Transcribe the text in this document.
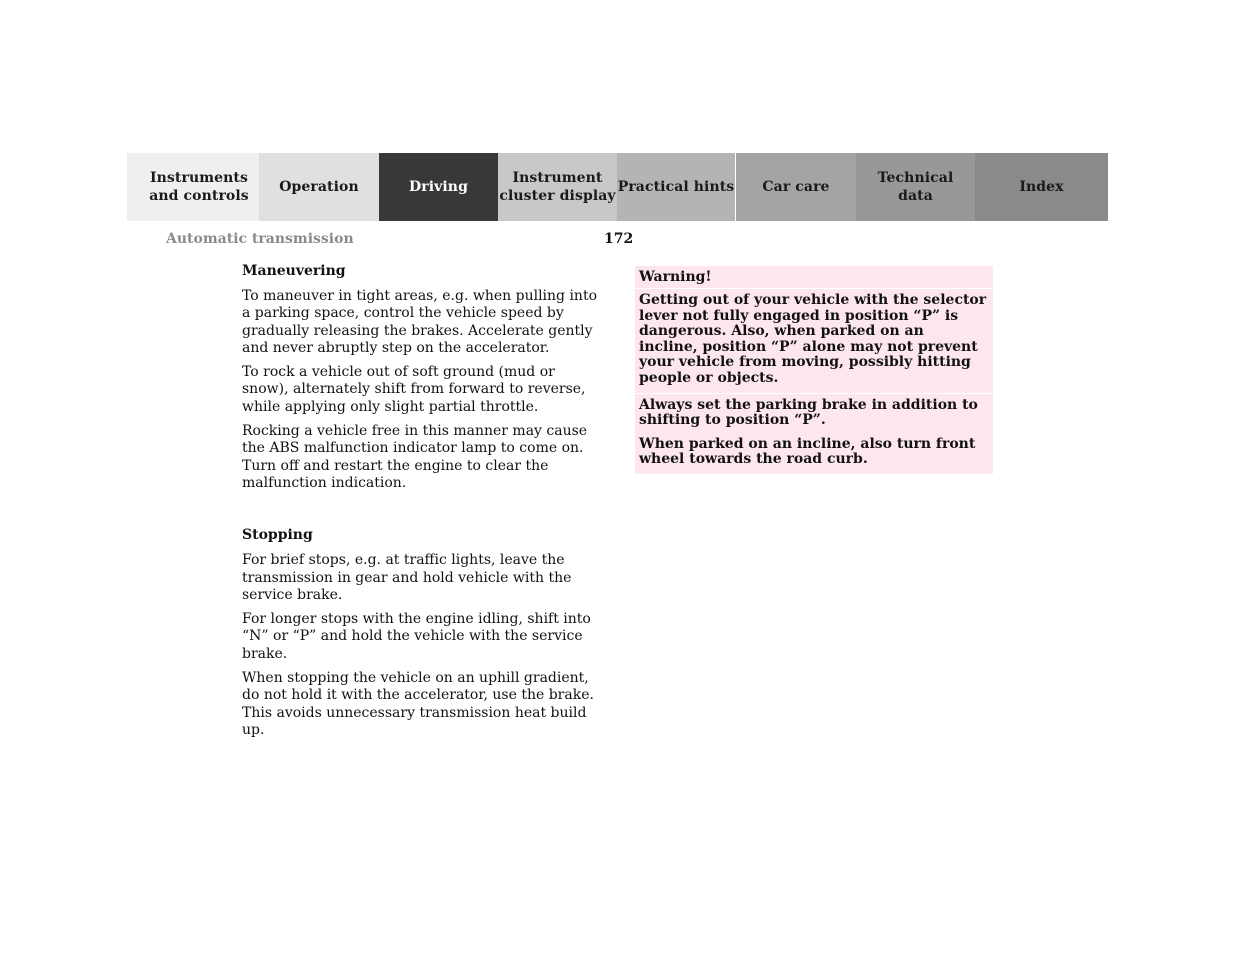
Instruments
and controls
Operation	Driving
Instrument
cluster display
Practical hints	Car care
Technical
data
Index
Automatic transmission	172
Maneuvering

To maneuver in tight areas, e.g. when pulling into a parking space, control the vehicle speed by gradually releasing the brakes. Accelerate gently and never abruptly step on the accelerator.

To rock a vehicle out of soft ground (mud or snow), alternately shift from forward to reverse, while applying only slight partial throttle.

Rocking a vehicle free in this manner may cause the ABS malfunction indicator lamp to come on. Turn off and restart the engine to clear the malfunction indication.

Stopping

For brief stops, e.g. at traffic lights, leave the transmission in gear and hold vehicle with the service brake.

For longer stops with the engine idling, shift into “N” or “P” and hold the vehicle with the service brake.

When stopping the vehicle on an uphill gradient, do not hold it with the accelerator, use the brake. This avoids unnecessary transmission heat build up.

Warning!
Getting out of your vehicle with the selector lever not fully engaged in position “P” is dangerous. Also, when parked on an incline, position “P” alone may not prevent your vehicle from moving, possibly hitting people or objects.
Always set the parking brake in addition to shifting to position “P”.
When parked on an incline, also turn front wheel towards the road curb.
